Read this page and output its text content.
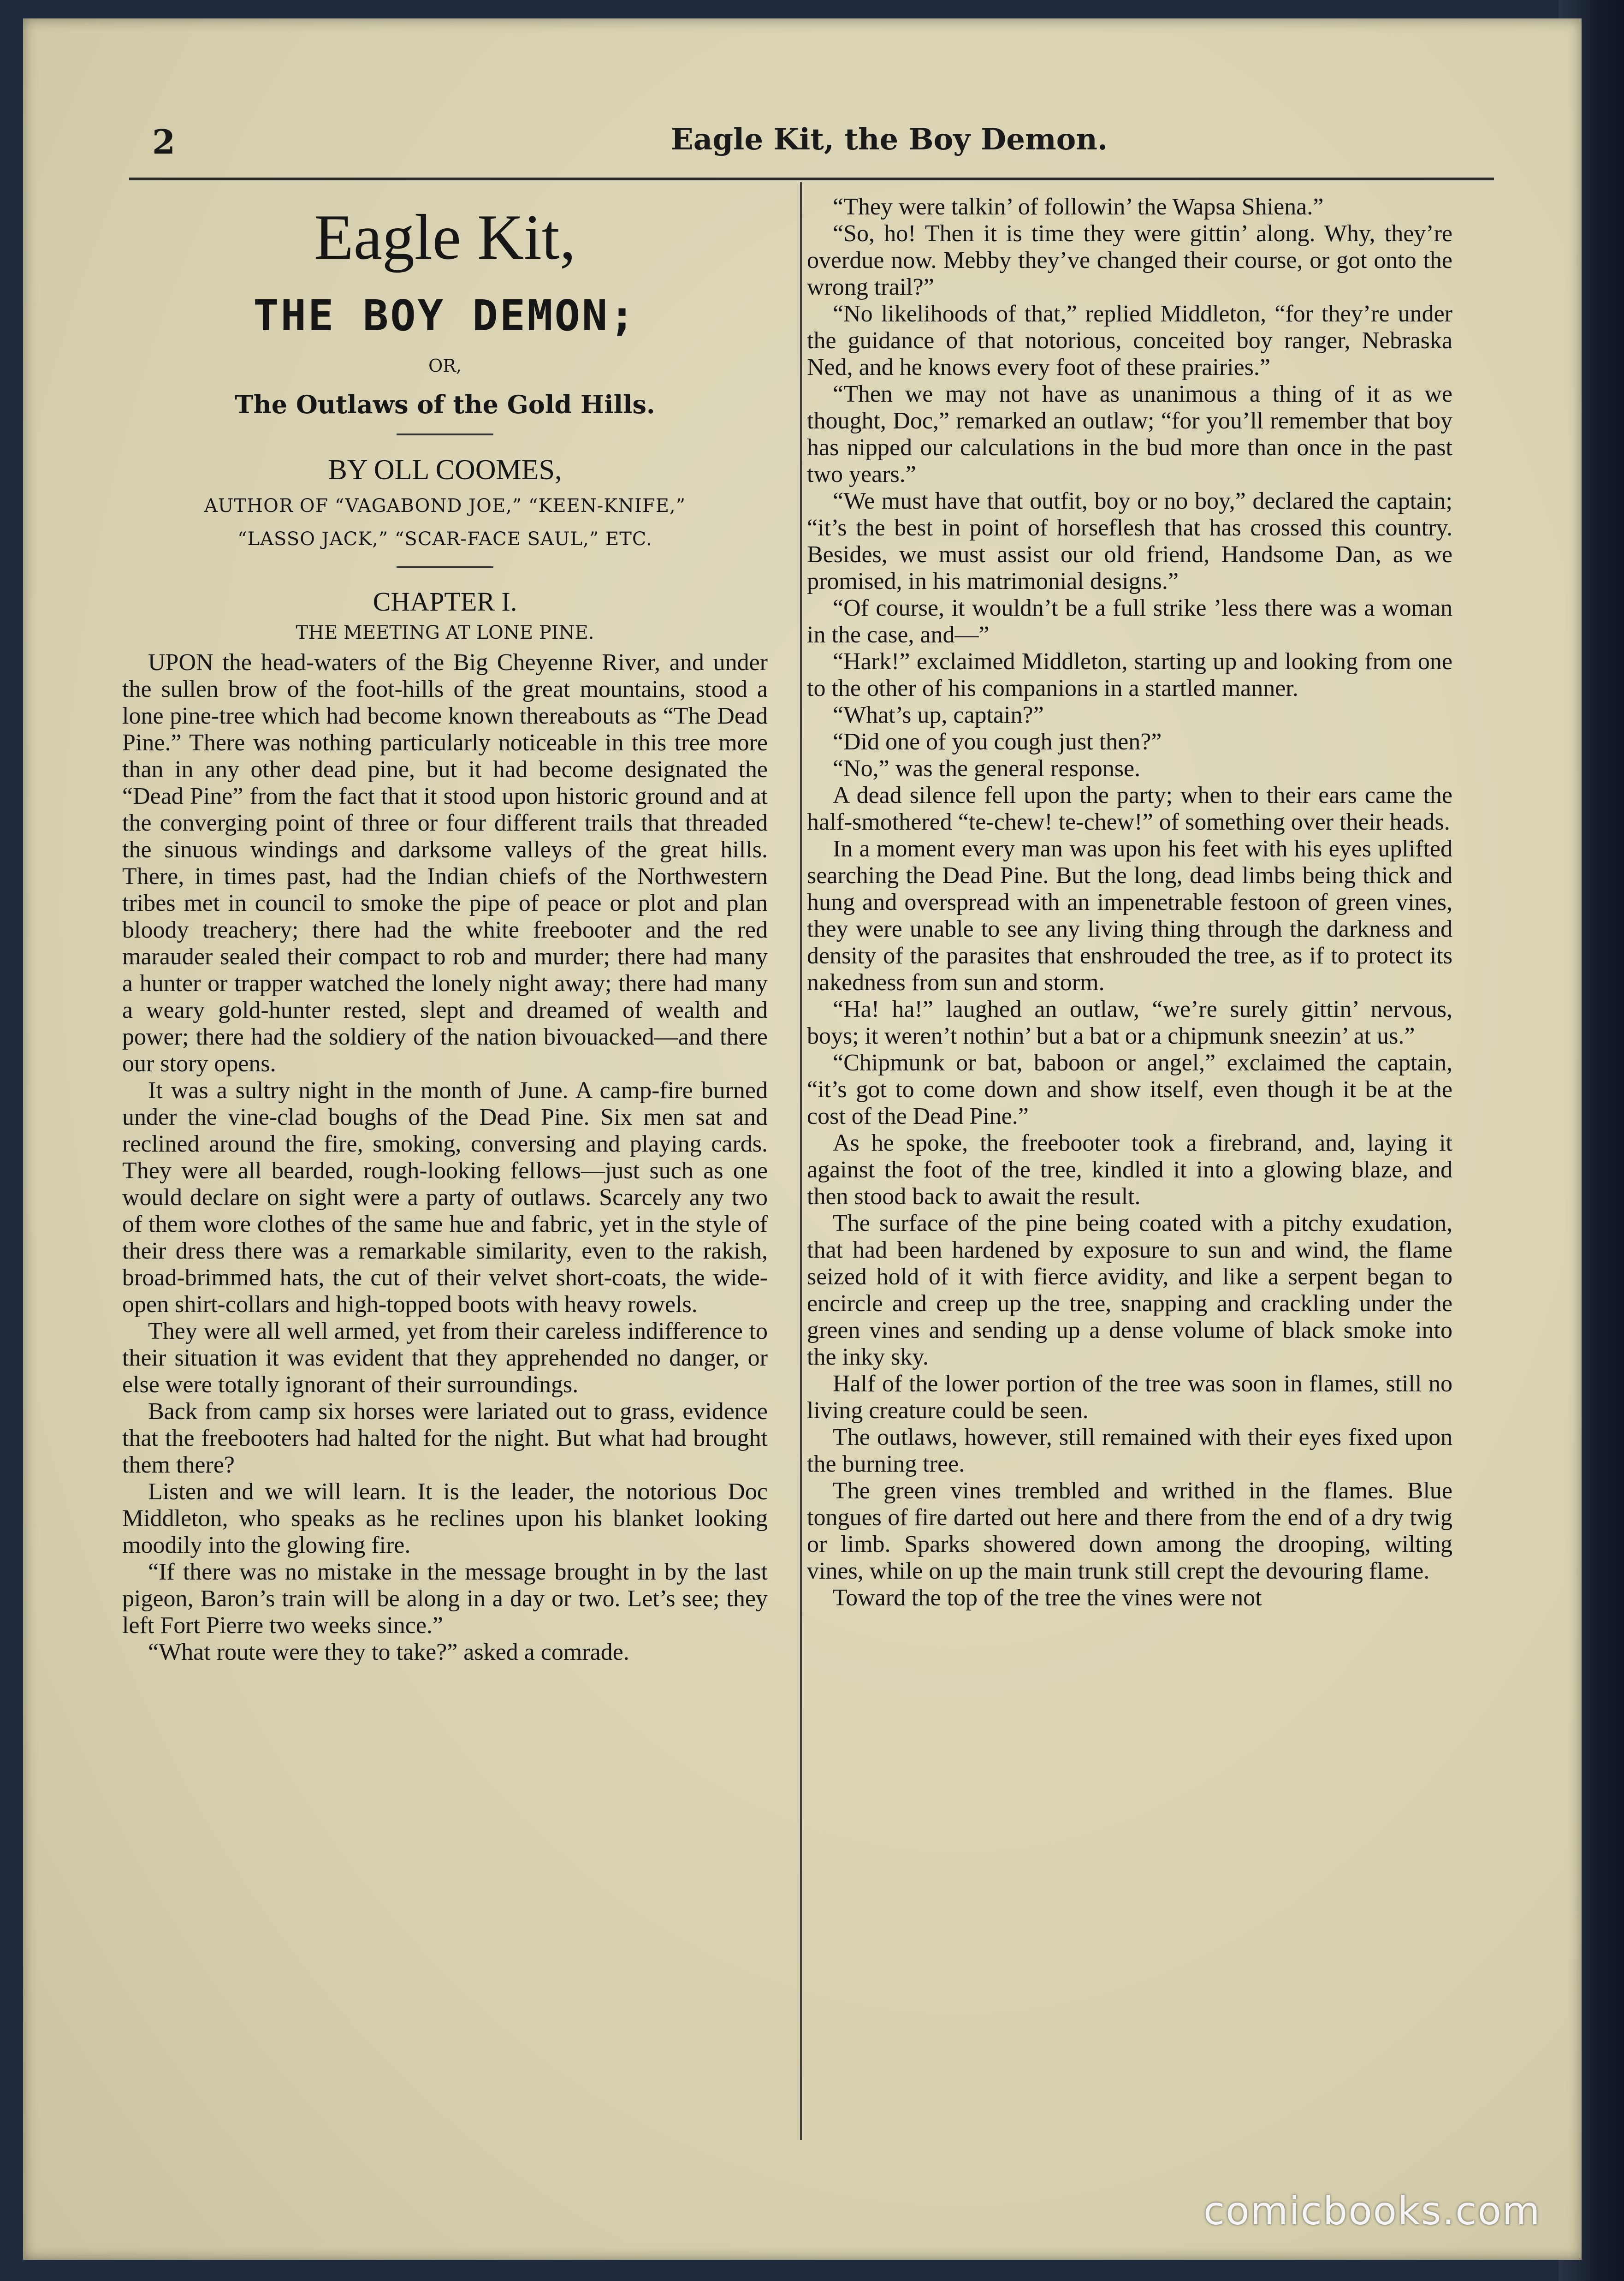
2	Eagle Kit, the Boy Demon.
Eagle Kit,
THE BOY DEMON;
OR,
The Outlaws of the Gold Hills.
BY OLL COOMES,
AUTHOR OF “VAGABOND JOE,” “KEEN-KNIFE,”
“LASSO JACK,” “SCAR-FACE SAUL,” ETC.
CHAPTER I.
THE MEETING AT LONE PINE.

UPON the head-waters of the Big Cheyenne River, and under the sullen brow of the foot-hills of the great mountains, stood a lone pine-tree which had become known thereabouts as “The Dead Pine.” There was nothing particularly noticeable in this tree more than in any other dead pine, but it had become designated the “Dead Pine” from the fact that it stood upon historic ground and at the converging point of three or four different trails that threaded the sinuous windings and darksome valleys of the great hills. There, in times past, had the Indian chiefs of the Northwestern tribes met in council to smoke the pipe of peace or plot and plan bloody treachery; there had the white freebooter and the red marauder sealed their compact to rob and murder; there had many a hunter or trapper watched the lonely night away; there had many a weary gold-hunter rested, slept and dreamed of wealth and power; there had the soldiery of the nation bivouacked—and there our story opens.

It was a sultry night in the month of June. A camp-fire burned under the vine-clad boughs of the Dead Pine. Six men sat and reclined around the fire, smoking, conversing and playing cards. They were all bearded, rough-looking fellows—just such as one would declare on sight were a party of outlaws. Scarcely any two of them wore clothes of the same hue and fabric, yet in the style of their dress there was a remarkable similarity, even to the rakish, broad-brimmed hats, the cut of their velvet short-coats, the wide-open shirt-collars and high-topped boots with heavy rowels.

They were all well armed, yet from their careless indifference to their situation it was evident that they apprehended no danger, or else were totally ignorant of their surroundings.

Back from camp six horses were lariated out to grass, evidence that the freebooters had halted for the night. But what had brought them there?

Listen and we will learn. It is the leader, the notorious Doc Middleton, who speaks as he reclines upon his blanket looking moodily into the glowing fire.

“If there was no mistake in the message brought in by the last pigeon, Baron’s train will be along in a day or two. Let’s see; they left Fort Pierre two weeks since.”

“What route were they to take?” asked a comrade.

“They were talkin’ of followin’ the Wapsa Shiena.”

“So, ho! Then it is time they were gittin’ along. Why, they’re overdue now. Mebby they’ve changed their course, or got onto the wrong trail?”

“No likelihoods of that,” replied Middleton, “for they’re under the guidance of that notorious, conceited boy ranger, Nebraska Ned, and he knows every foot of these prairies.”

“Then we may not have as unanimous a thing of it as we thought, Doc,” remarked an outlaw; “for you’ll remember that boy has nipped our calculations in the bud more than once in the past two years.”

“We must have that outfit, boy or no boy,” declared the captain; “it’s the best in point of horseflesh that has crossed this country. Besides, we must assist our old friend, Handsome Dan, as we promised, in his matrimonial designs.”

“Of course, it wouldn’t be a full strike ’less there was a woman in the case, and—”

“Hark!” exclaimed Middleton, starting up and looking from one to the other of his companions in a startled manner.

“What’s up, captain?”

“Did one of you cough just then?”

“No,” was the general response.

A dead silence fell upon the party; when to their ears came the half-smothered “te-chew! te-chew!” of something over their heads.

In a moment every man was upon his feet with his eyes uplifted searching the Dead Pine. But the long, dead limbs being thick and hung and overspread with an impenetrable festoon of green vines, they were unable to see any living thing through the darkness and density of the parasites that enshrouded the tree, as if to protect its nakedness from sun and storm.

“Ha! ha!” laughed an outlaw, “we’re surely gittin’ nervous, boys; it weren’t nothin’ but a bat or a chipmunk sneezin’ at us.”

“Chipmunk or bat, baboon or angel,” exclaimed the captain, “it’s got to come down and show itself, even though it be at the cost of the Dead Pine.”

As he spoke, the freebooter took a firebrand, and, laying it against the foot of the tree, kindled it into a glowing blaze, and then stood back to await the result.

The surface of the pine being coated with a pitchy exudation, that had been hardened by exposure to sun and wind, the flame seized hold of it with fierce avidity, and like a serpent began to encircle and creep up the tree, snapping and crackling under the green vines and sending up a dense volume of black smoke into the inky sky.

Half of the lower portion of the tree was soon in flames, still no living creature could be seen.

The outlaws, however, still remained with their eyes fixed upon the burning tree.

The green vines trembled and writhed in the flames. Blue tongues of fire darted out here and there from the end of a dry twig or limb. Sparks showered down among the drooping, wilting vines, while on up the main trunk still crept the devouring flame.

Toward the top of the tree the vines were not

comicbooks.com
